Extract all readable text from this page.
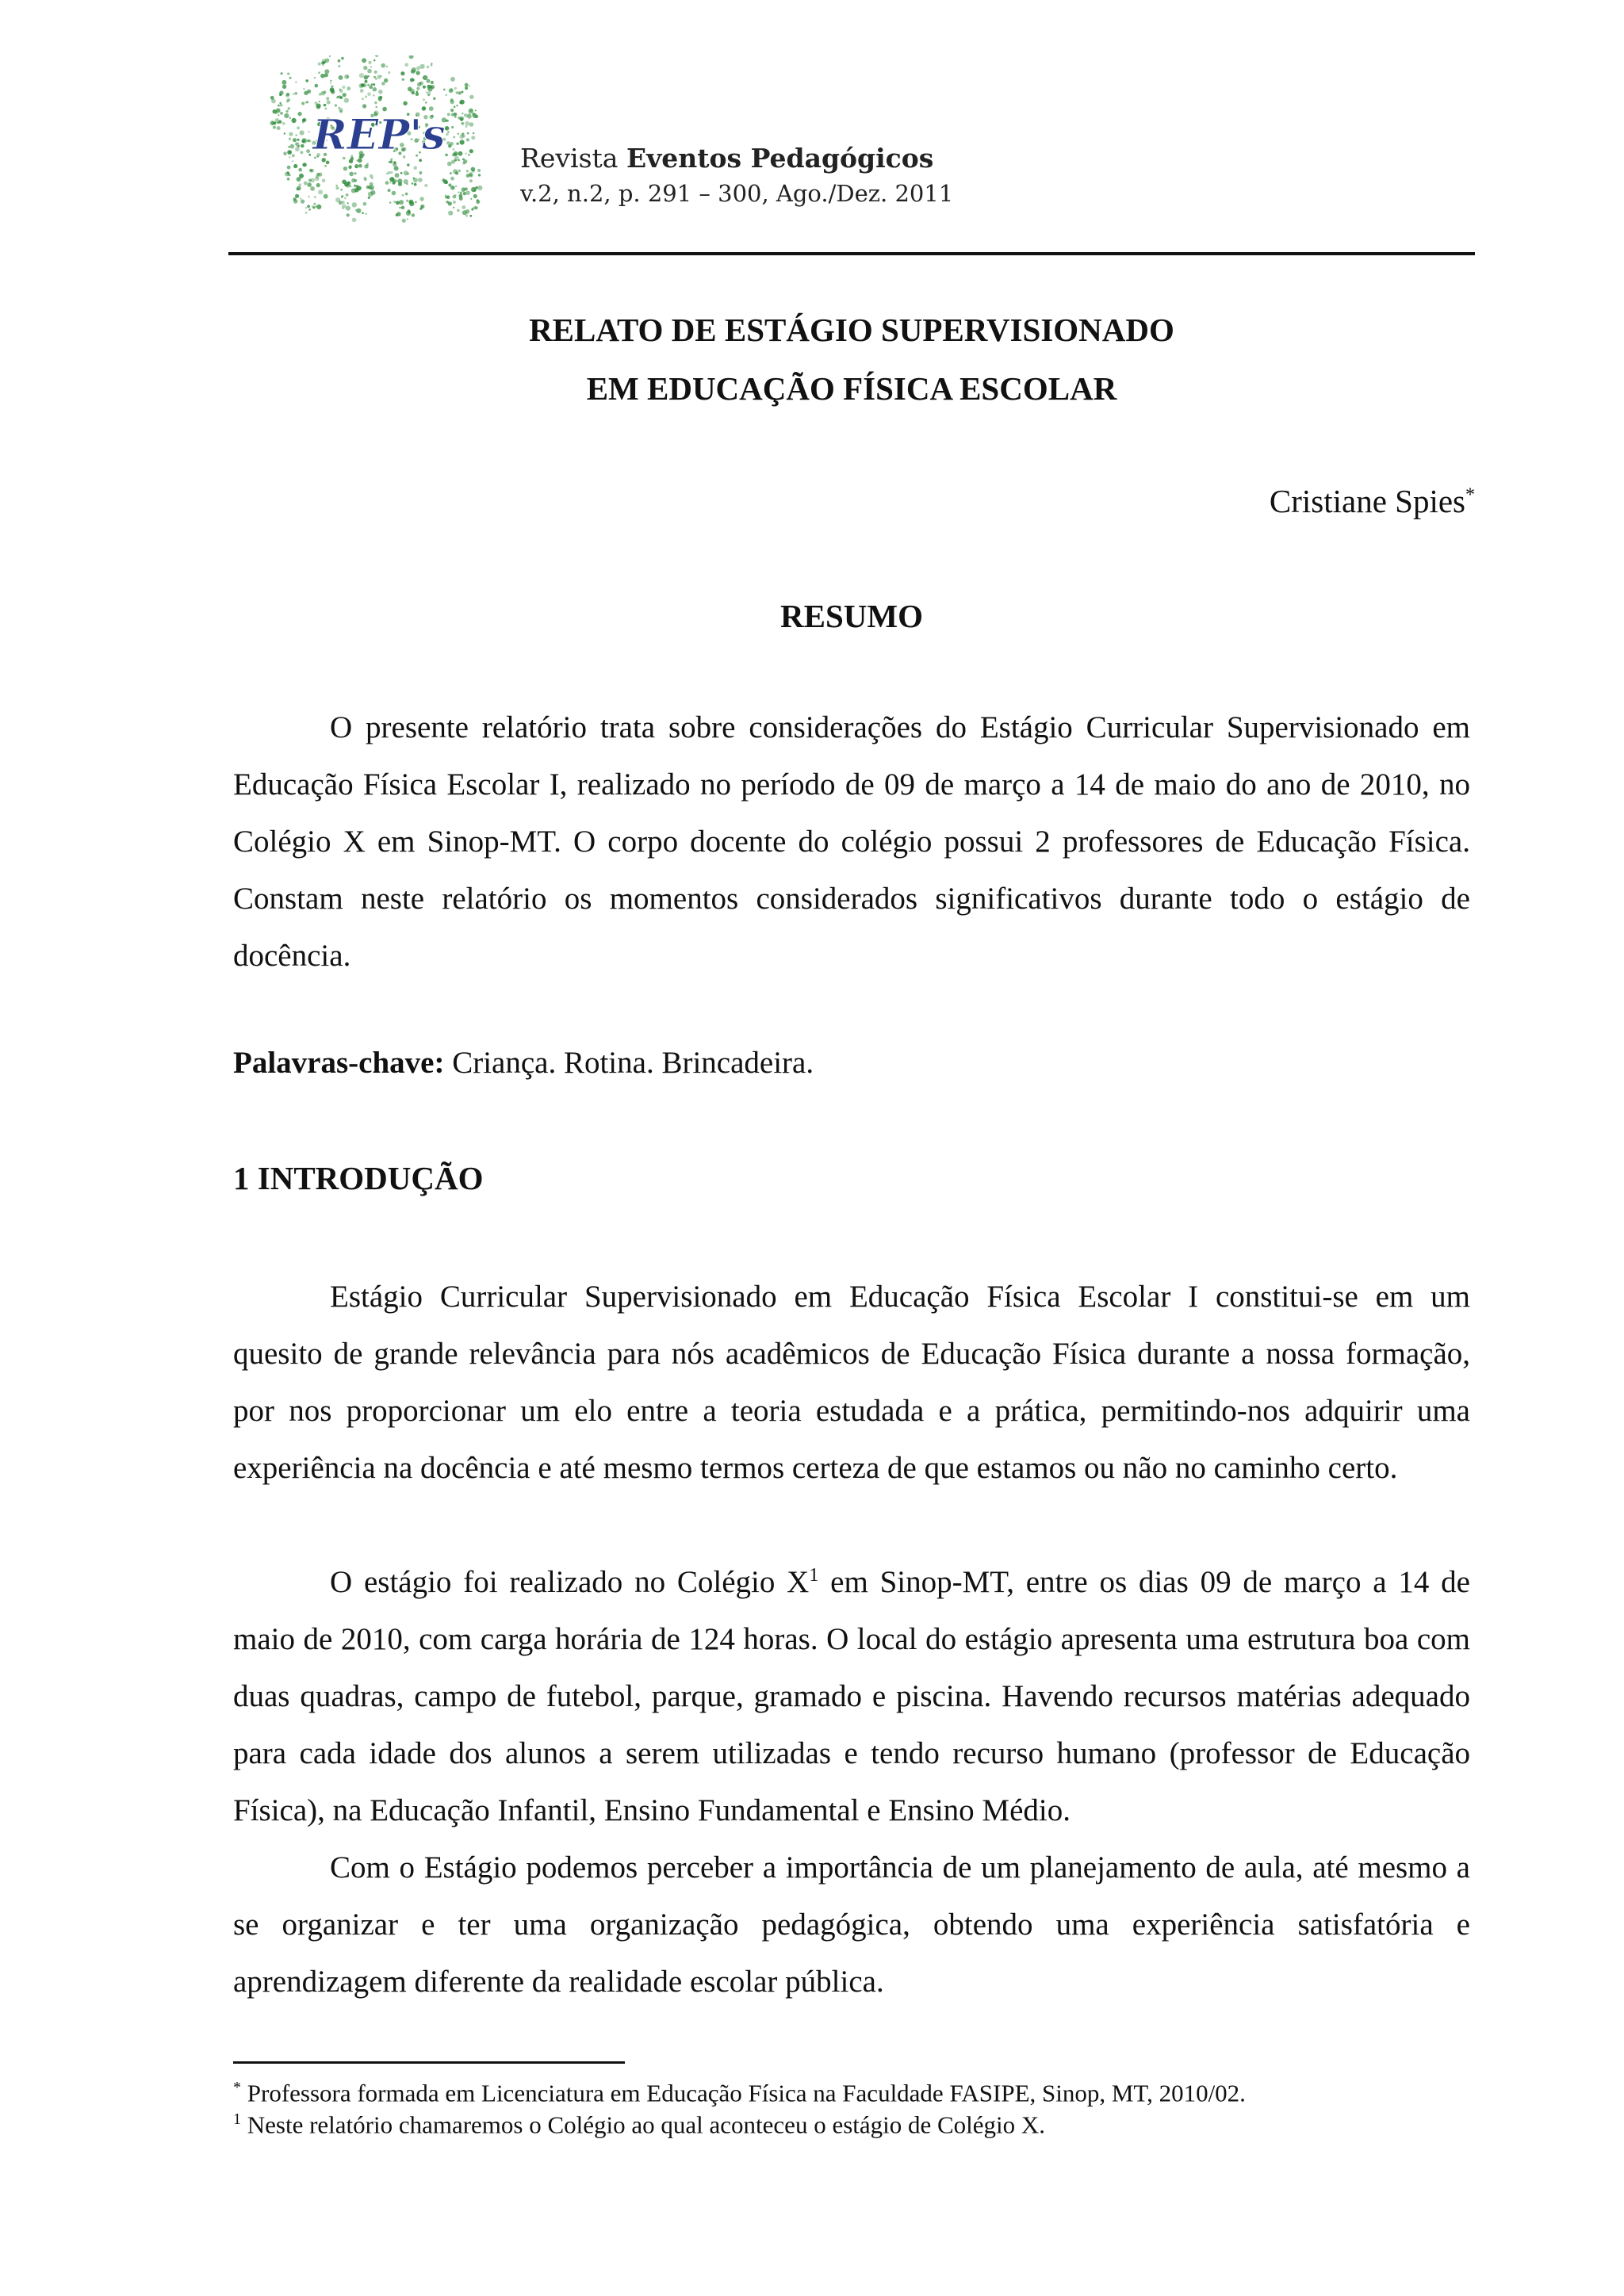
REP's	Revista Eventos Pedagógicos
v.2, n.2, p. 291 – 300, Ago./Dez. 2011
RELATO DE ESTÁGIO SUPERVISIONADO
EM EDUCAÇÃO FÍSICA ESCOLAR
Cristiane Spies*
RESUMO

O presente relatório trata sobre considerações do Estágio Curricular Supervisionado em Educação Física Escolar I, realizado no período de 09 de março a 14 de maio do ano de 2010, no Colégio X em Sinop-MT. O corpo docente do colégio possui 2 professores de Educação Física. Constam neste relatório os momentos considerados significativos durante todo o estágio de docência.

Palavras-chave: Criança. Rotina. Brincadeira.
1 INTRODUÇÃO

Estágio Curricular Supervisionado em Educação Física Escolar I constitui-se em um quesito de grande relevância para nós acadêmicos de Educação Física durante a nossa formação, por nos proporcionar um elo entre a teoria estudada e a prática, permitindo-nos adquirir uma experiência na docência e até mesmo termos certeza de que estamos ou não no caminho certo.

O estágio foi realizado no Colégio $X^1$ em Sinop-MT, entre os dias 09 de março a 14 de maio de 2010, com carga horária de 124 horas. O local do estágio apresenta uma estrutura boa com duas quadras, campo de futebol, parque, gramado e piscina. Havendo recursos matérias adequado para cada idade dos alunos a serem utilizadas e tendo recurso humano (professor de Educação Física), na Educação Infantil, Ensino Fundamental e Ensino Médio.

Com o Estágio podemos perceber a importância de um planejamento de aula, até mesmo a se organizar e ter uma organização pedagógica, obtendo uma experiência satisfatória e aprendizagem diferente da realidade escolar pública.

* Professora formada em Licenciatura em Educação Física na Faculdade FASIPE, Sinop, MT, 2010/02.
$^1$ Neste relatório chamaremos o Colégio ao qual aconteceu o estágio de Colégio X.
